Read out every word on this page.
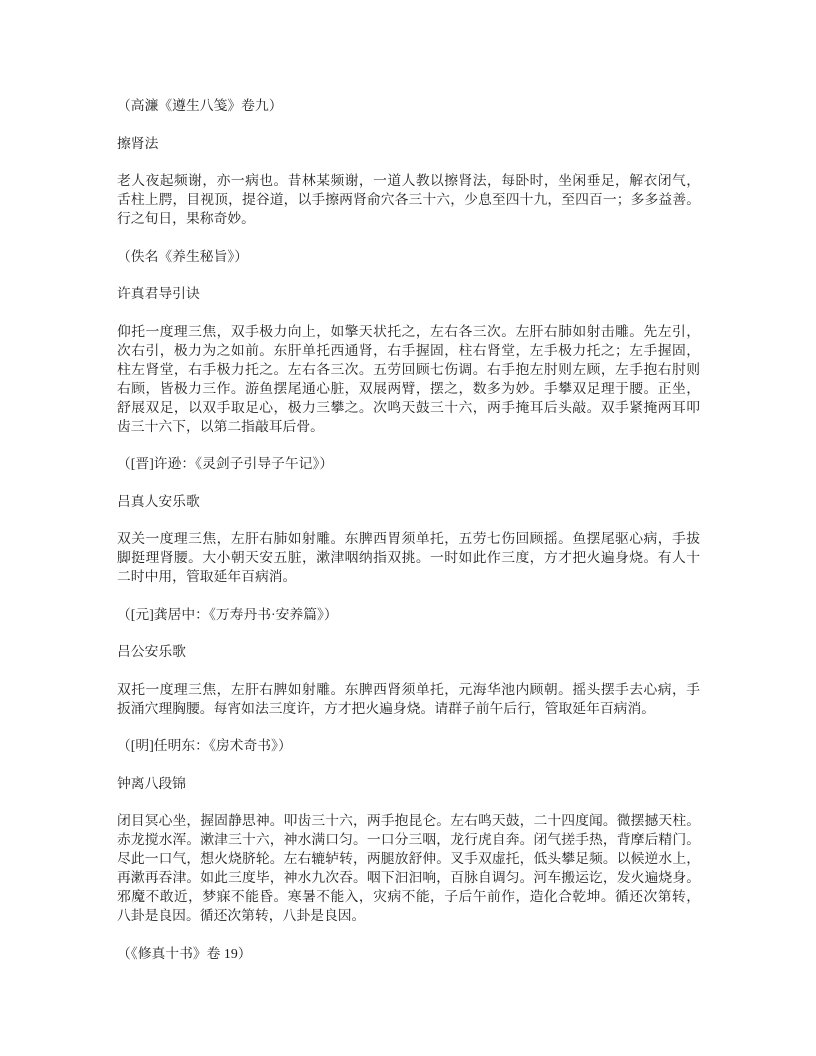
（高濂《遵生八笺》卷九）
擦肾法
老人夜起频谢，亦一病也。昔林某频谢，一道人教以擦肾法，每卧时，坐闲垂足，解衣闭气，
舌柱上腭，目视顶，提谷道，以手擦两肾俞穴各三十六，少息至四十九，至四百一；多多益善。
行之旬日，果称奇妙。
（佚名《养生秘旨》）
许真君导引诀
仰托一度理三焦，双手极力向上，如擎天状托之，左右各三次。左肝右肺如射击雕。先左引，
次右引，极力为之如前。东肝单托西通肾，右手握固，柱右肾堂，左手极力托之；左手握固，
柱左肾堂，右手极力托之。左右各三次。五劳回顾七伤调。右手抱左肘则左顾，左手抱右肘则
右顾，皆极力三作。游鱼摆尾通心脏，双展两臂，摆之，数多为妙。手攀双足理于腰。正坐，
舒展双足，以双手取足心，极力三攀之。次鸣天鼓三十六，两手掩耳后头敲。双手紧掩两耳叩
齿三十六下，以第二指敲耳后骨。
（[晋]许逊：《灵剑子引导子午记》）
吕真人安乐歌
双关一度理三焦，左肝右肺如射雕。东脾西胃须单托，五劳七伤回顾摇。鱼摆尾驱心病，手拔
脚挺理肾腰。大小朝天安五脏，漱津咽纳指双挑。一时如此作三度，方才把火遍身烧。有人十
二时中用，管取延年百病消。
（[元]龚居中：《万寿丹书·安养篇》）
吕公安乐歌
双托一度理三焦，左肝右脾如射雕。东脾西肾须单托，元海华池内顾朝。摇头摆手去心病，手
扳涌穴理胸腰。每宵如法三度许，方才把火遍身烧。请群子前午后行，管取延年百病消。
（[明]任明东：《房术奇书》）
钟离八段锦
闭目冥心坐，握固静思神。叩齿三十六，两手抱昆仑。左右鸣天鼓，二十四度闻。微摆撼天柱。
赤龙搅水浑。漱津三十六，神水满口匀。一口分三咽，龙行虎自奔。闭气搓手热，背摩后精门。
尽此一口气，想火烧脐轮。左右辘轳转，两腿放舒伸。叉手双虚托，低头攀足频。以候逆水上，
再漱再吞津。如此三度毕，神水九次吞。咽下汩汩响，百脉自调匀。河车搬运讫，发火遍烧身。
邪魔不敢近，梦寐不能昏。寒暑不能入，灾病不能，子后午前作，造化合乾坤。循还次第转，
八卦是良因。循还次第转，八卦是良因。
（《修真十书》卷 19）
